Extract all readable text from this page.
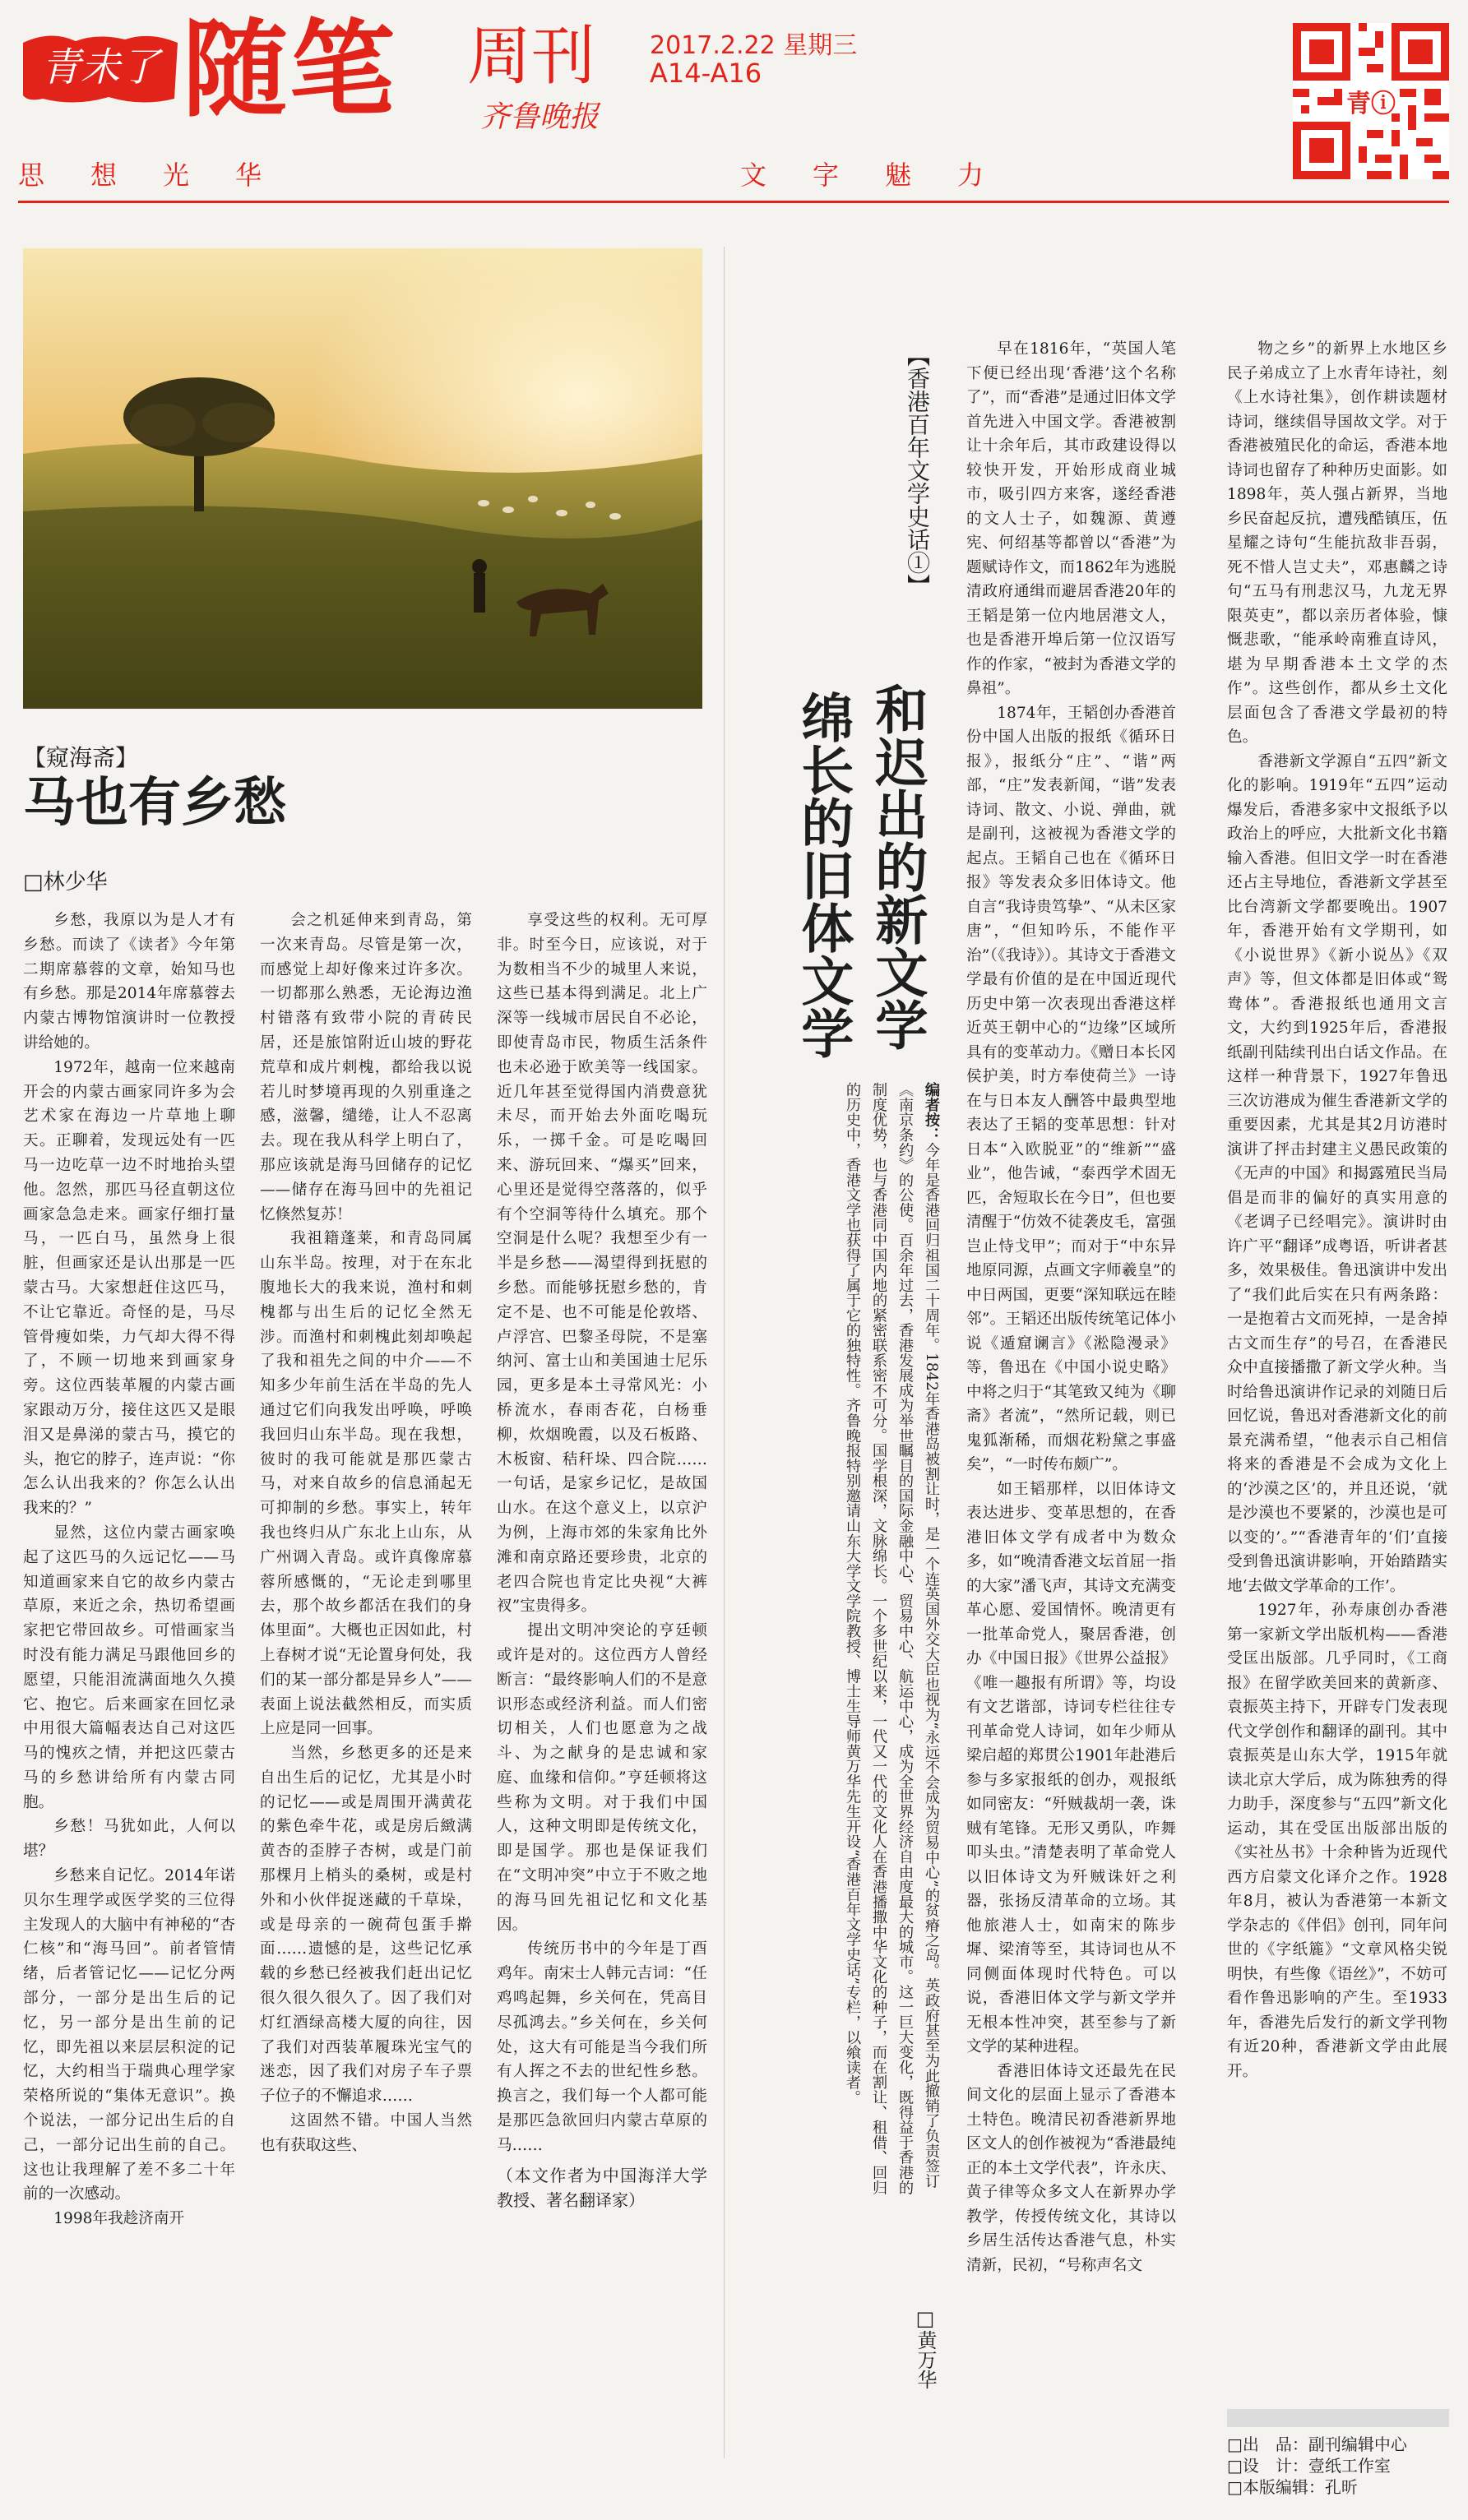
青未了 随笔 周刊
齐鲁晚报
2017.2.22 星期三
A14-A16
思想光华	文字魅力
青ⓘ
【窥海斋】
马也有乡愁
□林少华

乡愁，我原以为是人才有乡愁。而读了《读者》今年第二期席慕蓉的文章，始知马也有乡愁。那是2014年席慕蓉去内蒙古博物馆演讲时一位教授讲给她的。

1972年，越南一位来越南开会的内蒙古画家同许多为会艺术家在海边一片草地上聊天。正聊着，发现远处有一匹马一边吃草一边不时地抬头望他。忽然，那匹马径直朝这位画家急急走来。画家仔细打量马，一匹白马，虽然身上很脏，但画家还是认出那是一匹蒙古马。大家想赶住这匹马，不让它靠近。奇怪的是，马尽管骨瘦如柴，力气却大得不得了，不顾一切地来到画家身旁。这位西装革履的内蒙古画家跟动万分，接住这匹又是眼泪又是鼻涕的蒙古马，摸它的头，抱它的脖子，连声说：“你怎么认出我来的？你怎么认出我来的？”

显然，这位内蒙古画家唤起了这匹马的久远记忆——马知道画家来自它的故乡内蒙古草原，来近之余，热切希望画家把它带回故乡。可惜画家当时没有能力满足马跟他回乡的愿望，只能泪流满面地久久摸它、抱它。后来画家在回忆录中用很大篇幅表达自己对这匹马的愧疚之情，并把这匹蒙古马的乡愁讲给所有内蒙古同胞。

乡愁！马犹如此，人何以堪？

乡愁来自记忆。2014年诺贝尔生理学或医学奖的三位得主发现人的大脑中有神秘的“杏仁核”和“海马回”。前者管情绪，后者管记忆——记忆分两部分，一部分是出生后的记忆，另一部分是出生前的记忆，即先祖以来层层积淀的记忆，大约相当于瑞典心理学家荣格所说的“集体无意识”。换个说法，一部分记出生后的自己，一部分记出生前的自己。这也让我理解了差不多二十年前的一次感动。

1998年我趁济南开

会之机延伸来到青岛，第一次来青岛。尽管是第一次，而感觉上却好像来过许多次。一切都那么熟悉，无论海边渔村错落有致带小院的青砖民居，还是旅馆附近山坡的野花荒草和成片刺槐，都给我以说若儿时梦境再现的久别重逢之感，滋馨，缱绻，让人不忍离去。现在我从科学上明白了，那应该就是海马回储存的记忆——储存在海马回中的先祖记忆倏然复苏！

我祖籍蓬莱，和青岛同属山东半岛。按理，对于在东北腹地长大的我来说，渔村和刺槐都与出生后的记忆全然无涉。而渔村和刺槐此刻却唤起了我和祖先之间的中介——不知多少年前生活在半岛的先人通过它们向我发出呼唤，呼唤我回归山东半岛。现在我想，彼时的我可能就是那匹蒙古马，对来自故乡的信息涌起无可抑制的乡愁。事实上，转年我也终归从广东北上山东，从广州调入青岛。或许真像席慕蓉所感慨的，“无论走到哪里去，那个故乡都活在我们的身体里面”。大概也正因如此，村上春树才说“无论置身何处，我们的某一部分都是异乡人”——表面上说法截然相反，而实质上应是同一回事。

当然，乡愁更多的还是来自出生后的记忆，尤其是小时的记忆——或是周围开满黄花的紫色牵牛花，或是房后緻满黄杏的歪脖子杏树，或是门前那棵月上梢头的桑树，或是村外和小伙伴捉迷藏的千草垛，或是母亲的一碗荷包蛋手擀面……遗憾的是，这些记忆承载的乡愁已经被我们赶出记忆很久很久很久了。因了我们对灯红酒绿高楼大厦的向往，因了我们对西装革履珠光宝气的迷恋，因了我们对房子车子票子位子的不懈追求……

这固然不错。中国人当然也有获取这些、

享受这些的权利。无可厚非。时至今日，应该说，对于为数相当不少的城里人来说，这些已基本得到满足。北上广深等一线城市居民自不必论，即使青岛市民，物质生活条件也未必逊于欧美等一线国家。近几年甚至觉得国内消费意犹未尽，而开始去外面吃喝玩乐，一掷千金。可是吃喝回来、游玩回来、“爆买”回来，心里还是觉得空落落的，似乎有个空洞等待什么填充。那个空洞是什么呢？我想至少有一半是乡愁——渴望得到抚慰的乡愁。而能够抚慰乡愁的，肯定不是、也不可能是伦敦塔、卢浮宫、巴黎圣母院，不是塞纳河、富士山和美国迪士尼乐园，更多是本土寻常风光：小桥流水，春雨杏花，白杨垂柳，炊烟晚霞，以及石板路、木板窗、秸秆垛、四合院……一句话，是家乡记忆，是故国山水。在这个意义上，以京沪为例，上海市郊的朱家角比外滩和南京路还要珍贵，北京的老四合院也肯定比央视“大裤衩”宝贵得多。

提出文明冲突论的亨廷顿或许是对的。这位西方人曾经断言：“最终影响人们的不是意识形态或经济利益。而人们密切相关，人们也愿意为之战斗、为之献身的是忠诚和家庭、血缘和信仰。”亨廷顿将这些称为文明。对于我们中国人，这种文明即是传统文化，即是国学。那也是保证我们在“文明冲突”中立于不败之地的海马回先祖记忆和文化基因。

传统历书中的今年是丁酉鸡年。南宋士人韩元吉词：“任鸡鸣起舞，乡关何在，凭高目尽孤鸿去。”乡关何在，乡关何处，这大有可能是当今我们所有人挥之不去的世纪性乡愁。换言之，我们每一个人都可能是那匹急欲回归内蒙古草原的马……

（本文作者为中国海洋大学教授、著名翻译家）

【香港百年文学史话①】
和迟出的新文学
绵长的旧体文学
编者按：今年是香港回归祖国二十周年。1842年香港岛被割让时，是一个连英国外交大臣也视为“永远不会成为贸易中心”的贫瘠之岛。英政府甚至为此撤销了负责签订《南京条约》的公使。百余年过去，香港发展成为举世瞩目的国际金融中心、贸易中心、航运中心，成为全世界经济自由度最大的城市。这一巨大变化，既得益于香港的制度优势，也与香港同中国内地的紧密联系密不可分。国学根深，文脉绵长。一个多世纪以来，一代又一代的文化人在香港播撒中华文化的种子，而在割让、租借、回归的历史中，香港文学也获得了属于它的独特性。齐鲁晚报特别邀请山东大学文学院教授、博士生导师黄万华先生开设“香港百年文学史话”专栏，以飨读者。
□黄万华

早在1816年，“英国人笔下便已经出现‘香港’这个名称了”，而“香港”是通过旧体文学首先进入中国文学。香港被割让十余年后，其市政建设得以较快开发，开始形成商业城市，吸引四方来客，遂经香港的文人士子，如魏源、黄遵宪、何绍基等都曾以“香港”为题赋诗作文，而1862年为逃脱清政府通缉而避居香港20年的王韬是第一位内地居港文人，也是香港开埠后第一位汉语写作的作家，“被封为香港文学的鼻祖”。

1874年，王韬创办香港首份中国人出版的报纸《循环日报》，报纸分“庄”、“谐”两部，“庄”发表新闻，“谐”发表诗词、散文、小说、弹曲，就是副刊，这被视为香港文学的起点。王韬自己也在《循环日报》等发表众多旧体诗文。他自言“我诗贵笃挚”、“从未区家唐”，“但知吟乐，不能作平治”（《我诗》）。其诗文于香港文学最有价值的是在中国近现代历史中第一次表现出香港这样近英王朝中心的“边缘”区域所具有的变革动力。《赠日本长冈侯护美，时方奉使荷兰》一诗在与日本友人酬答中最典型地表达了王韬的变革思想：针对日本“入欧脱亚”的“维新”“盛业”，他告诫，“泰西学术固无匹，舍短取长在今日”，但也要清醒于“仿效不徒袭皮毛，富强岂止恃戈甲”；而对于“中东异地原同源，点画文字师羲皇”的中日两国，更要“深知联远在睦邻”。王韬还出版传统笔记体小说《遁窟谰言》《淞隐漫录》等，鲁迅在《中国小说史略》中将之归于“其笔致又纯为《聊斋》者流”，“然所记载，则已鬼狐渐稀，而烟花粉黛之事盛矣”，“一时传布颇广”。

如王韬那样，以旧体诗文表达进步、变革思想的，在香港旧体文学有成者中为数众多，如“晚清香港文坛首屈一指的大家”潘飞声，其诗文充满变革心愿、爱国情怀。晚清更有一批革命党人，聚居香港，创办《中国日报》《世界公益报》《唯一趣报有所谓》等，均设有文艺谐部，诗词专栏往往专刊革命党人诗词，如年少师从梁启超的郑贯公1901年赴港后参与多家报纸的创办，观报纸如同密友：“歼贼裁胡一袭，诛贼有笔锋。无形又勇队，咋舞叩头虫。”清楚表明了革命党人以旧体诗文为歼贼诛奸之利器，张扬反清革命的立场。其他旅港人士，如南宋的陈步墀、梁淯等至，其诗词也从不同侧面体现时代特色。可以说，香港旧体文学与新文学并无根本性冲突，甚至参与了新文学的某种进程。

香港旧体诗文还最先在民间文化的层面上显示了香港本土特色。晚清民初香港新界地区文人的创作被视为“香港最纯正的本土文学代表”，许永庆、黄子律等众多文人在新界办学教学，传授传统文化，其诗以乡居生活传达香港气息，朴实清新，民初，“号称声名文

物之乡”的新界上水地区乡民子弟成立了上水青年诗社，刻《上水诗社集》，创作耕读题材诗词，继续倡导国故文学。对于香港被殖民化的命运，香港本地诗词也留存了种种历史面影。如1898年，英人强占新界，当地乡民奋起反抗，遭残酷镇压，伍星耀之诗句“生能抗敌非吾弱，死不惜人岂丈夫”，邓惠麟之诗句“五马有刑悲汉马，九龙无界限英吏”，都以亲历者体验，慷慨悲歌，“能承岭南雅直诗风，堪为早期香港本土文学的杰作”。这些创作，都从乡土文化层面包含了香港文学最初的特色。

香港新文学源自“五四”新文化的影响。1919年“五四”运动爆发后，香港多家中文报纸予以政治上的呼应，大批新文化书籍输入香港。但旧文学一时在香港还占主导地位，香港新文学甚至比台湾新文学都要晚出。1907年，香港开始有文学期刊，如《小说世界》《新小说丛》《双声》等，但文体都是旧体或“鸳鸯体”。香港报纸也通用文言文，大约到1925年后，香港报纸副刊陆续刊出白话文作品。在这样一种背景下，1927年鲁迅三次访港成为催生香港新文学的重要因素，尤其是其2月访港时演讲了抨击封建主义愚民政策的《无声的中国》和揭露殖民当局倡是而非的偏好的真实用意的《老调子已经唱完》。演讲时由许广平“翻译”成粤语，听讲者甚多，效果极佳。鲁迅演讲中发出了“我们此后实在只有两条路：一是抱着古文而死掉，一是舍掉古文而生存”的号召，在香港民众中直接播撒了新文学火种。当时给鲁迅演讲作记录的刘随日后回忆说，鲁迅对香港新文化的前景充满希望，“他表示自己相信将来的香港是不会成为文化上的‘沙漠之区’的，并且还说，‘就是沙漠也不要紧的，沙漠也是可以变的’。”“香港青年的‘们’直接受到鲁迅演讲影响，开始踏踏实地‘去做文学革命的工作’。

1927年，孙寿康创办香港第一家新文学出版机构——香港受匡出版部。几乎同时，《工商报》在留学欧美回来的黄新彦、袁振英主持下，开辟专门发表现代文学创作和翻译的副刊。其中袁振英是山东大学，1915年就读北京大学后，成为陈独秀的得力助手，深度参与“五四”新文化运动，其在受匡出版部出版的《实社丛书》十余种皆为近现代西方启蒙文化译介之作。1928年8月，被认为香港第一本新文学杂志的《伴侣》创刊，同年问世的《字纸簏》“文章风格尖锐明快，有些像《语丝》”，不妨可看作鲁迅影响的产生。至1933年，香港先后发行的新文学刊物有近20种，香港新文学由此展开。

□出　品：副刊编辑中心
□设　计：壹纸工作室
□本版编辑：孔昕
